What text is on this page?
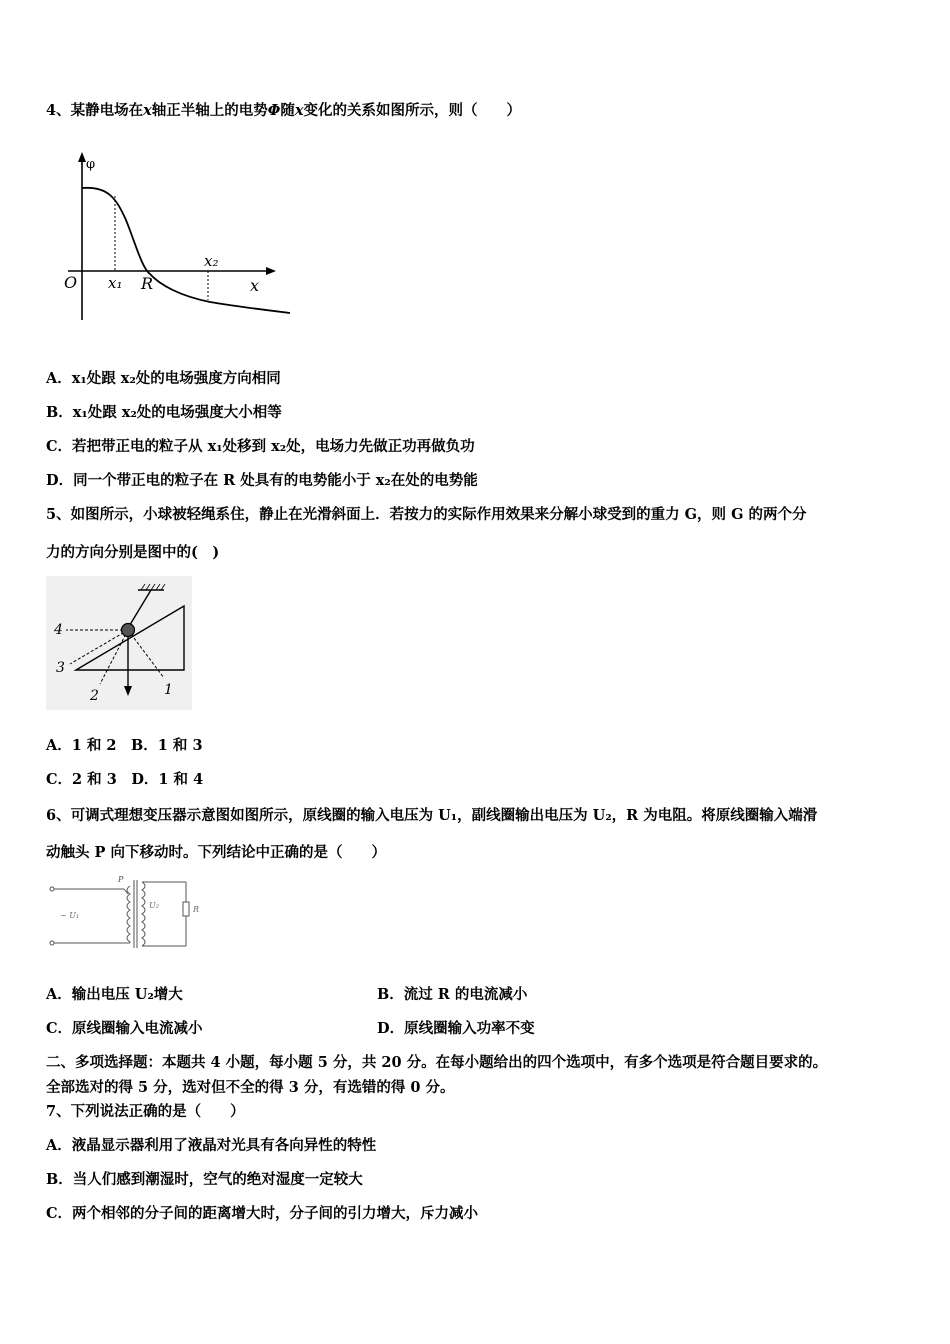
4、某静电场在x轴正半轴上的电势Φ随x变化的关系如图所示，则（　　）
φ
O x₁ R
x₂
x
A．x₁处跟 x₂处的电场强度方向相同
B．x₁处跟 x₂处的电场强度大小相等
C．若把带正电的粒子从 x₁处移到 x₂处，电场力先做正功再做负功
D．同一个带正电的粒子在 R 处具有的电势能小于 x₂在处的电势能
5、如图所示，小球被轻绳系住，静止在光滑斜面上．若按力的实际作用效果来分解小球受到的重力 G，则 G 的两个分
力的方向分别是图中的(　)
4
3
2	1
A．1 和 2　B．1 和 3
C．2 和 3　D．1 和 4
6、可调式理想变压器示意图如图所示，原线圈的输入电压为 U₁，副线圈输出电压为 U₂，R 为电阻。将原线圈输入端滑
动触头 P 向下移动时。下列结论中正确的是（　　）
P
~ U₁
U₂	R
A．输出电压 U₂增大	B．流过 R 的电流减小
C．原线圈输入电流减小	D．原线圈输入功率不变
二、多项选择题：本题共 4 小题，每小题 5 分，共 20 分。在每小题给出的四个选项中，有多个选项是符合题目要求的。
全部选对的得 5 分，选对但不全的得 3 分，有选错的得 0 分。
7、下列说法正确的是（　　）
A．液晶显示器利用了液晶对光具有各向异性的特性
B．当人们感到潮湿时，空气的绝对湿度一定较大
C．两个相邻的分子间的距离增大时，分子间的引力增大，斥力减小
